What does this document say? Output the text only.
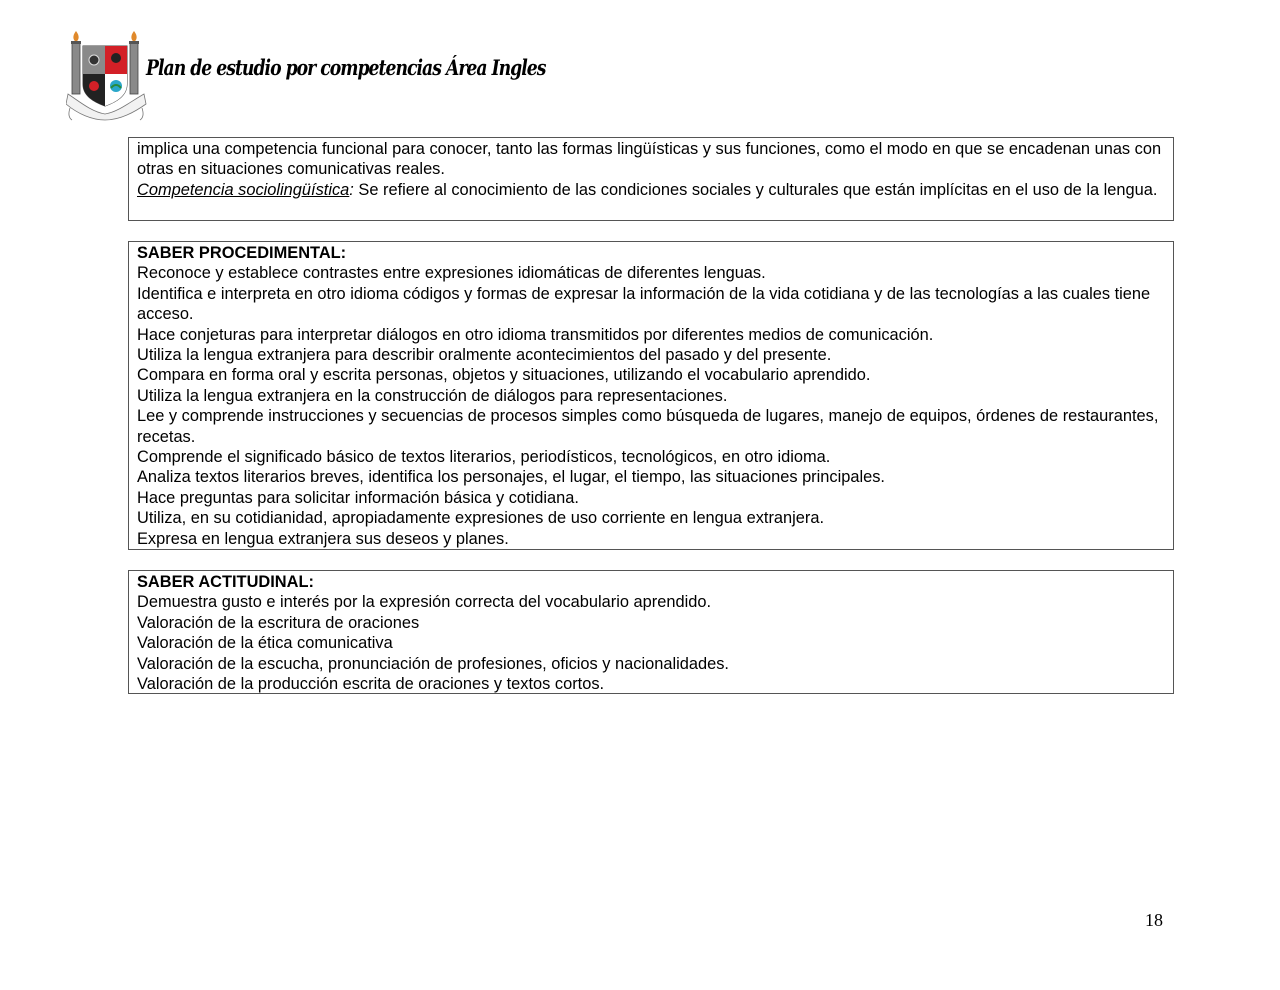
Plan de estudio por competencias Área Ingles

implica una competencia funcional para conocer, tanto las formas lingüísticas y sus funciones, como el modo en que se encadenan unas con otras en situaciones comunicativas reales.

Competencia sociolingüística: Se refiere al conocimiento de las condiciones sociales y culturales que están implícitas en el uso de la lengua.

SABER PROCEDIMENTAL:

Reconoce y establece contrastes entre expresiones idiomáticas de diferentes lenguas.

Identifica e interpreta en otro idioma códigos y formas de expresar la información de la vida cotidiana y de las tecnologías a las cuales tiene acceso.

Hace conjeturas para interpretar diálogos en otro idioma transmitidos por diferentes medios de comunicación.

Utiliza la lengua extranjera para describir oralmente acontecimientos del pasado y del presente.

Compara en forma oral y escrita personas, objetos y situaciones, utilizando el vocabulario aprendido.

Utiliza la lengua extranjera en la construcción de diálogos para representaciones.

Lee y comprende instrucciones y secuencias de procesos simples como búsqueda de lugares, manejo de equipos, órdenes de restaurantes, recetas.

Comprende el significado básico de textos literarios, periodísticos, tecnológicos, en otro idioma.

Analiza textos literarios breves, identifica los personajes, el lugar, el tiempo, las situaciones principales.

Hace preguntas para solicitar información básica y cotidiana.

Utiliza, en su cotidianidad, apropiadamente expresiones de uso corriente en lengua extranjera.

Expresa en lengua extranjera sus deseos y planes.

SABER ACTITUDINAL:

Demuestra gusto e interés por la expresión correcta del vocabulario aprendido.

Valoración de la escritura de oraciones

Valoración de la ética comunicativa

Valoración de la escucha, pronunciación de profesiones, oficios y nacionalidades.

Valoración de la producción escrita de oraciones y textos cortos.

18
